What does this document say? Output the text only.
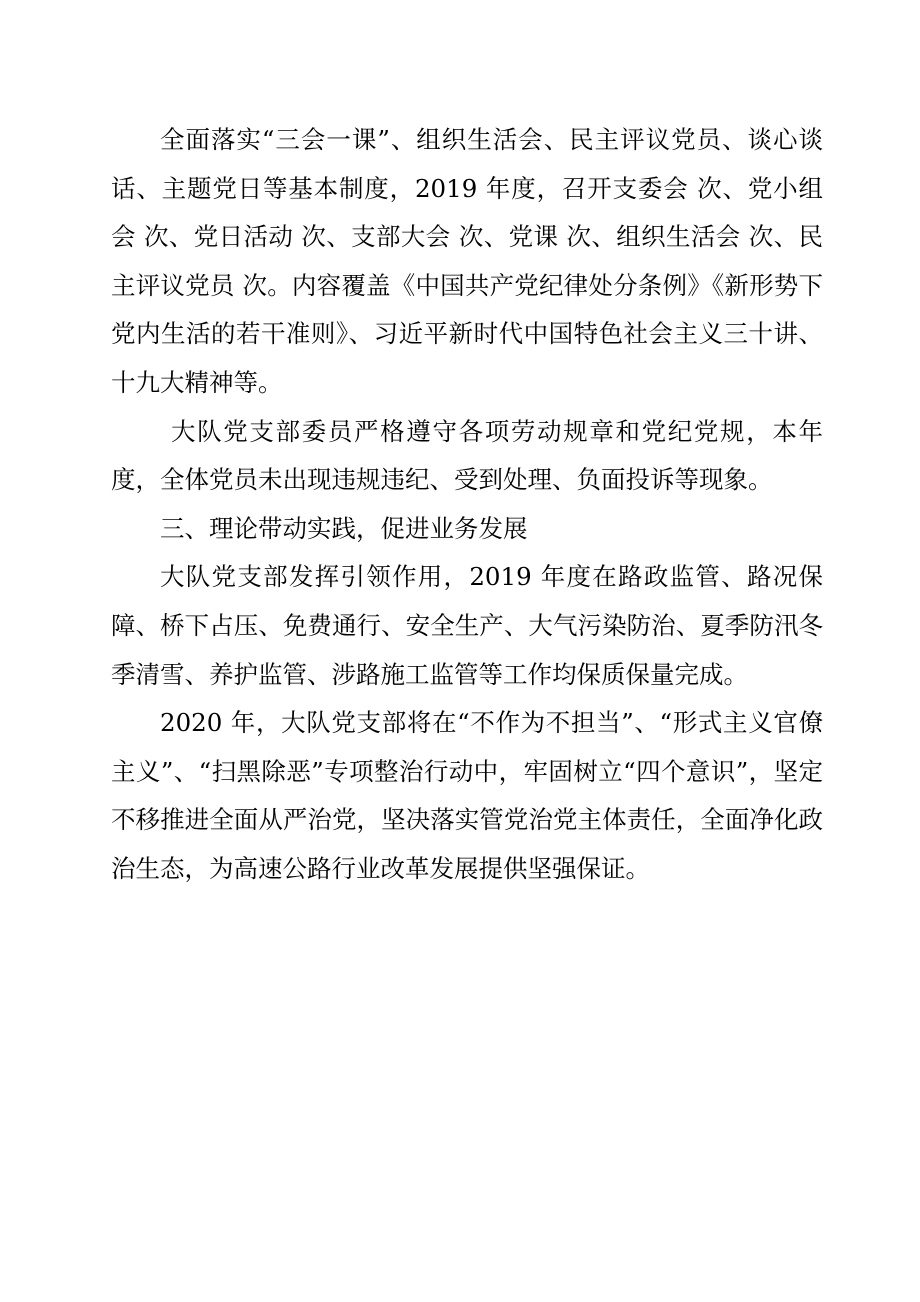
全面落实“三会一课”、组织生活会、民主评议党员、谈心谈话、主题党日等基本制度，2019 年度，召开支委会 次、党小组会 次、党日活动 次、支部大会 次、党课 次、组织生活会 次、民主评议党员 次。内容覆盖《中国共产党纪律处分条例》《新形势下党内生活的若干准则》、习近平新时代中国特色社会主义三十讲、十九大精神等。

大队党支部委员严格遵守各项劳动规章和党纪党规，本年度，全体党员未出现违规违纪、受到处理、负面投诉等现象。

三、理论带动实践，促进业务发展

大队党支部发挥引领作用，2019 年度在路政监管、路况保障、桥下占压、免费通行、安全生产、大气污染防治、夏季防汛冬季清雪、养护监管、涉路施工监管等工作均保质保量完成。

2020 年，大队党支部将在“不作为不担当”、“形式主义官僚主义”、“扫黑除恶”专项整治行动中，牢固树立“四个意识”，坚定不移推进全面从严治党，坚决落实管党治党主体责任，全面净化政治生态，为高速公路行业改革发展提供坚强保证。
